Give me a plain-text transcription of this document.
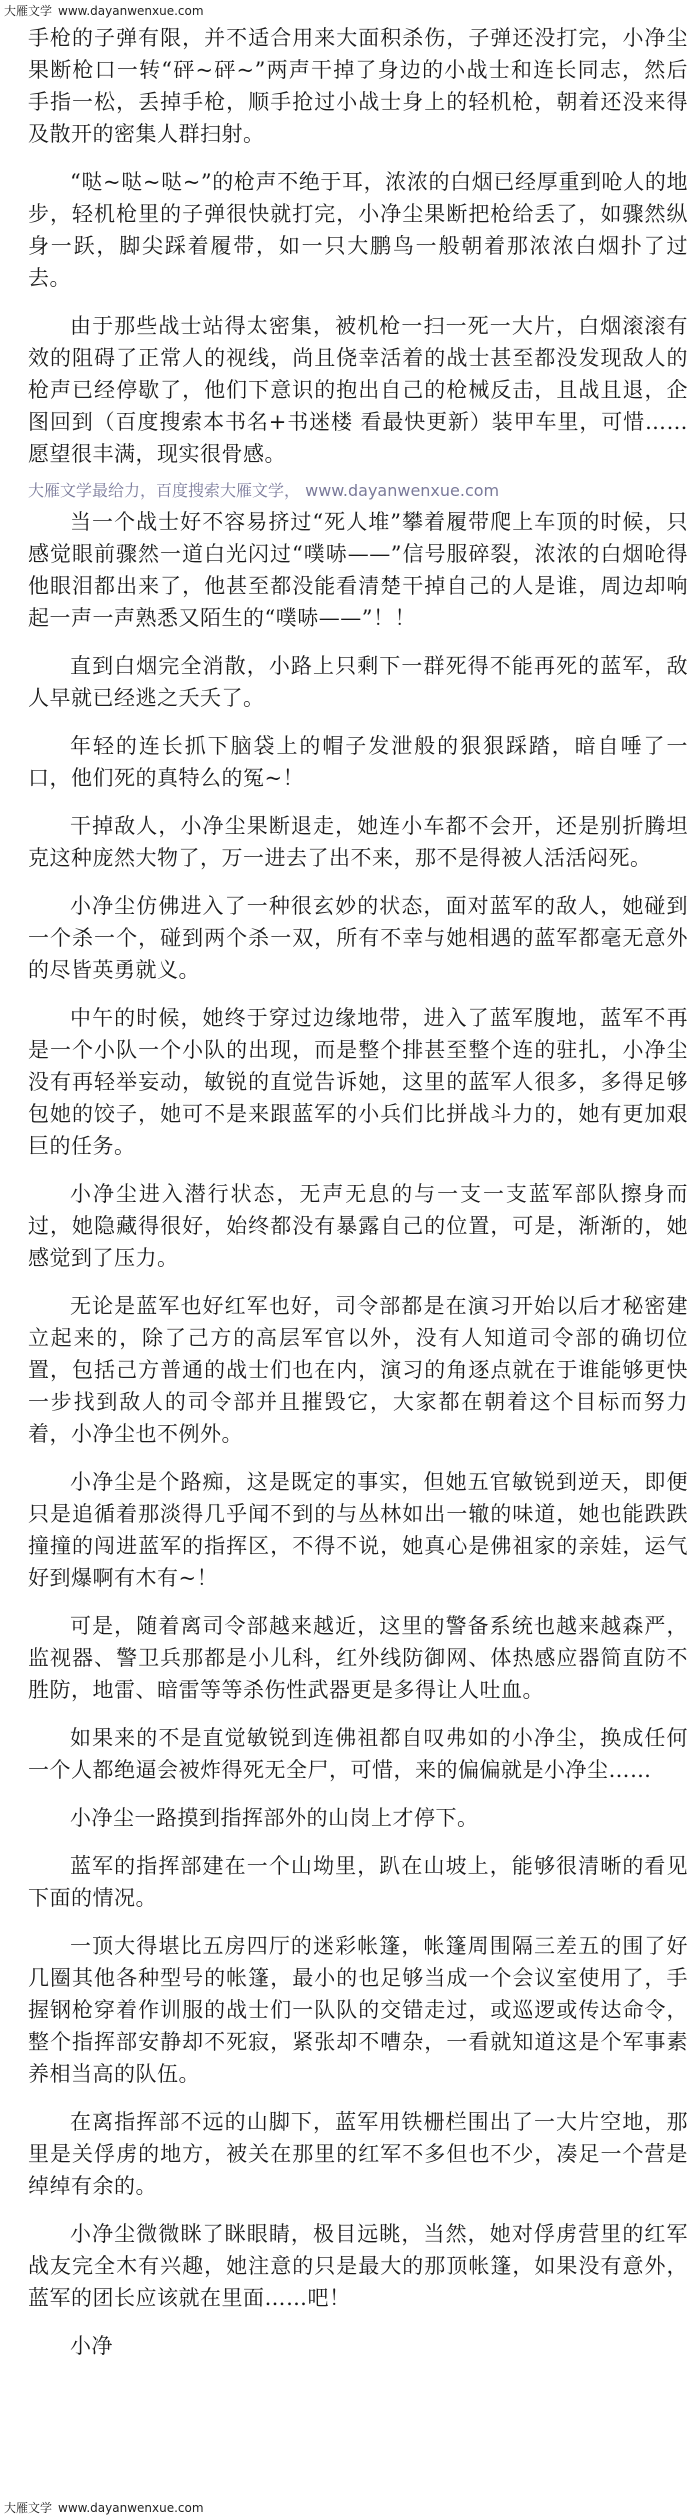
大雁文学 www.dayanwenxue.com

手枪的子弹有限，并不适合用来大面积杀伤，子弹还没打完，小净尘果断枪口一转“砰~砰~”两声干掉了身边的小战士和连长同志，然后手指一松，丢掉手枪，顺手抢过小战士身上的轻机枪，朝着还没来得及散开的密集人群扫射。

“哒~哒~哒~”的枪声不绝于耳，浓浓的白烟已经厚重到呛人的地步，轻机枪里的子弹很快就打完，小净尘果断把枪给丢了，如骤然纵身一跃，脚尖踩着履带，如一只大鹏鸟一般朝着那浓浓白烟扑了过去。

由于那些战士站得太密集，被机枪一扫一死一大片，白烟滚滚有效的阻碍了正常人的视线，尚且侥幸活着的战士甚至都没发现敌人的枪声已经停歇了，他们下意识的抱出自己的枪械反击，且战且退，企图回到（百度搜索本书名+书迷楼 看最快更新）装甲车里，可惜……愿望很丰满，现实很骨感。

大雁文学最给力，百度搜索大雁文学， www.dayanwenxue.com

当一个战士好不容易挤过“死人堆”攀着履带爬上车顶的时候，只感觉眼前骤然一道白光闪过“噗哧——”信号服碎裂，浓浓的白烟呛得他眼泪都出来了，他甚至都没能看清楚干掉自己的人是谁，周边却响起一声一声熟悉又陌生的“噗哧——”！！

直到白烟完全消散，小路上只剩下一群死得不能再死的蓝军，敌人早就已经逃之夭夭了。

年轻的连长抓下脑袋上的帽子发泄般的狠狠踩踏，暗自唾了一口，他们死的真特么的冤~！

干掉敌人，小净尘果断退走，她连小车都不会开，还是别折腾坦克这种庞然大物了，万一进去了出不来，那不是得被人活活闷死。

小净尘仿佛进入了一种很玄妙的状态，面对蓝军的敌人，她碰到一个杀一个，碰到两个杀一双，所有不幸与她相遇的蓝军都毫无意外的尽皆英勇就义。

中午的时候，她终于穿过边缘地带，进入了蓝军腹地，蓝军不再是一个小队一个小队的出现，而是整个排甚至整个连的驻扎，小净尘没有再轻举妄动，敏锐的直觉告诉她，这里的蓝军人很多，多得足够包她的饺子，她可不是来跟蓝军的小兵们比拼战斗力的，她有更加艰巨的任务。

小净尘进入潜行状态，无声无息的与一支一支蓝军部队擦身而过，她隐藏得很好，始终都没有暴露自己的位置，可是，渐渐的，她感觉到了压力。

无论是蓝军也好红军也好，司令部都是在演习开始以后才秘密建立起来的，除了己方的高层军官以外，没有人知道司令部的确切位置，包括己方普通的战士们也在内，演习的角逐点就在于谁能够更快一步找到敌人的司令部并且摧毁它，大家都在朝着这个目标而努力着，小净尘也不例外。

小净尘是个路痴，这是既定的事实，但她五官敏锐到逆天，即便只是追循着那淡得几乎闻不到的与丛林如出一辙的味道，她也能跌跌撞撞的闯进蓝军的指挥区，不得不说，她真心是佛祖家的亲娃，运气好到爆啊有木有~！

可是，随着离司令部越来越近，这里的警备系统也越来越森严，监视器、警卫兵那都是小儿科，红外线防御网、体热感应器简直防不胜防，地雷、暗雷等等杀伤性武器更是多得让人吐血。

如果来的不是直觉敏锐到连佛祖都自叹弗如的小净尘，换成任何一个人都绝逼会被炸得死无全尸，可惜，来的偏偏就是小净尘……

小净尘一路摸到指挥部外的山岗上才停下。

蓝军的指挥部建在一个山坳里，趴在山坡上，能够很清晰的看见下面的情况。

一顶大得堪比五房四厅的迷彩帐篷，帐篷周围隔三差五的围了好几圈其他各种型号的帐篷，最小的也足够当成一个会议室使用了，手握钢枪穿着作训服的战士们一队队的交错走过，或巡逻或传达命令，整个指挥部安静却不死寂，紧张却不嘈杂，一看就知道这是个军事素养相当高的队伍。

在离指挥部不远的山脚下，蓝军用铁栅栏围出了一大片空地，那里是关俘虏的地方，被关在那里的红军不多但也不少，凑足一个营是绰绰有余的。

小净尘微微眯了眯眼睛，极目远眺，当然，她对俘虏营里的红军战友完全木有兴趣，她注意的只是最大的那顶帐篷，如果没有意外，蓝军的团长应该就在里面……吧！

小净

大雁文学 www.dayanwenxue.com
